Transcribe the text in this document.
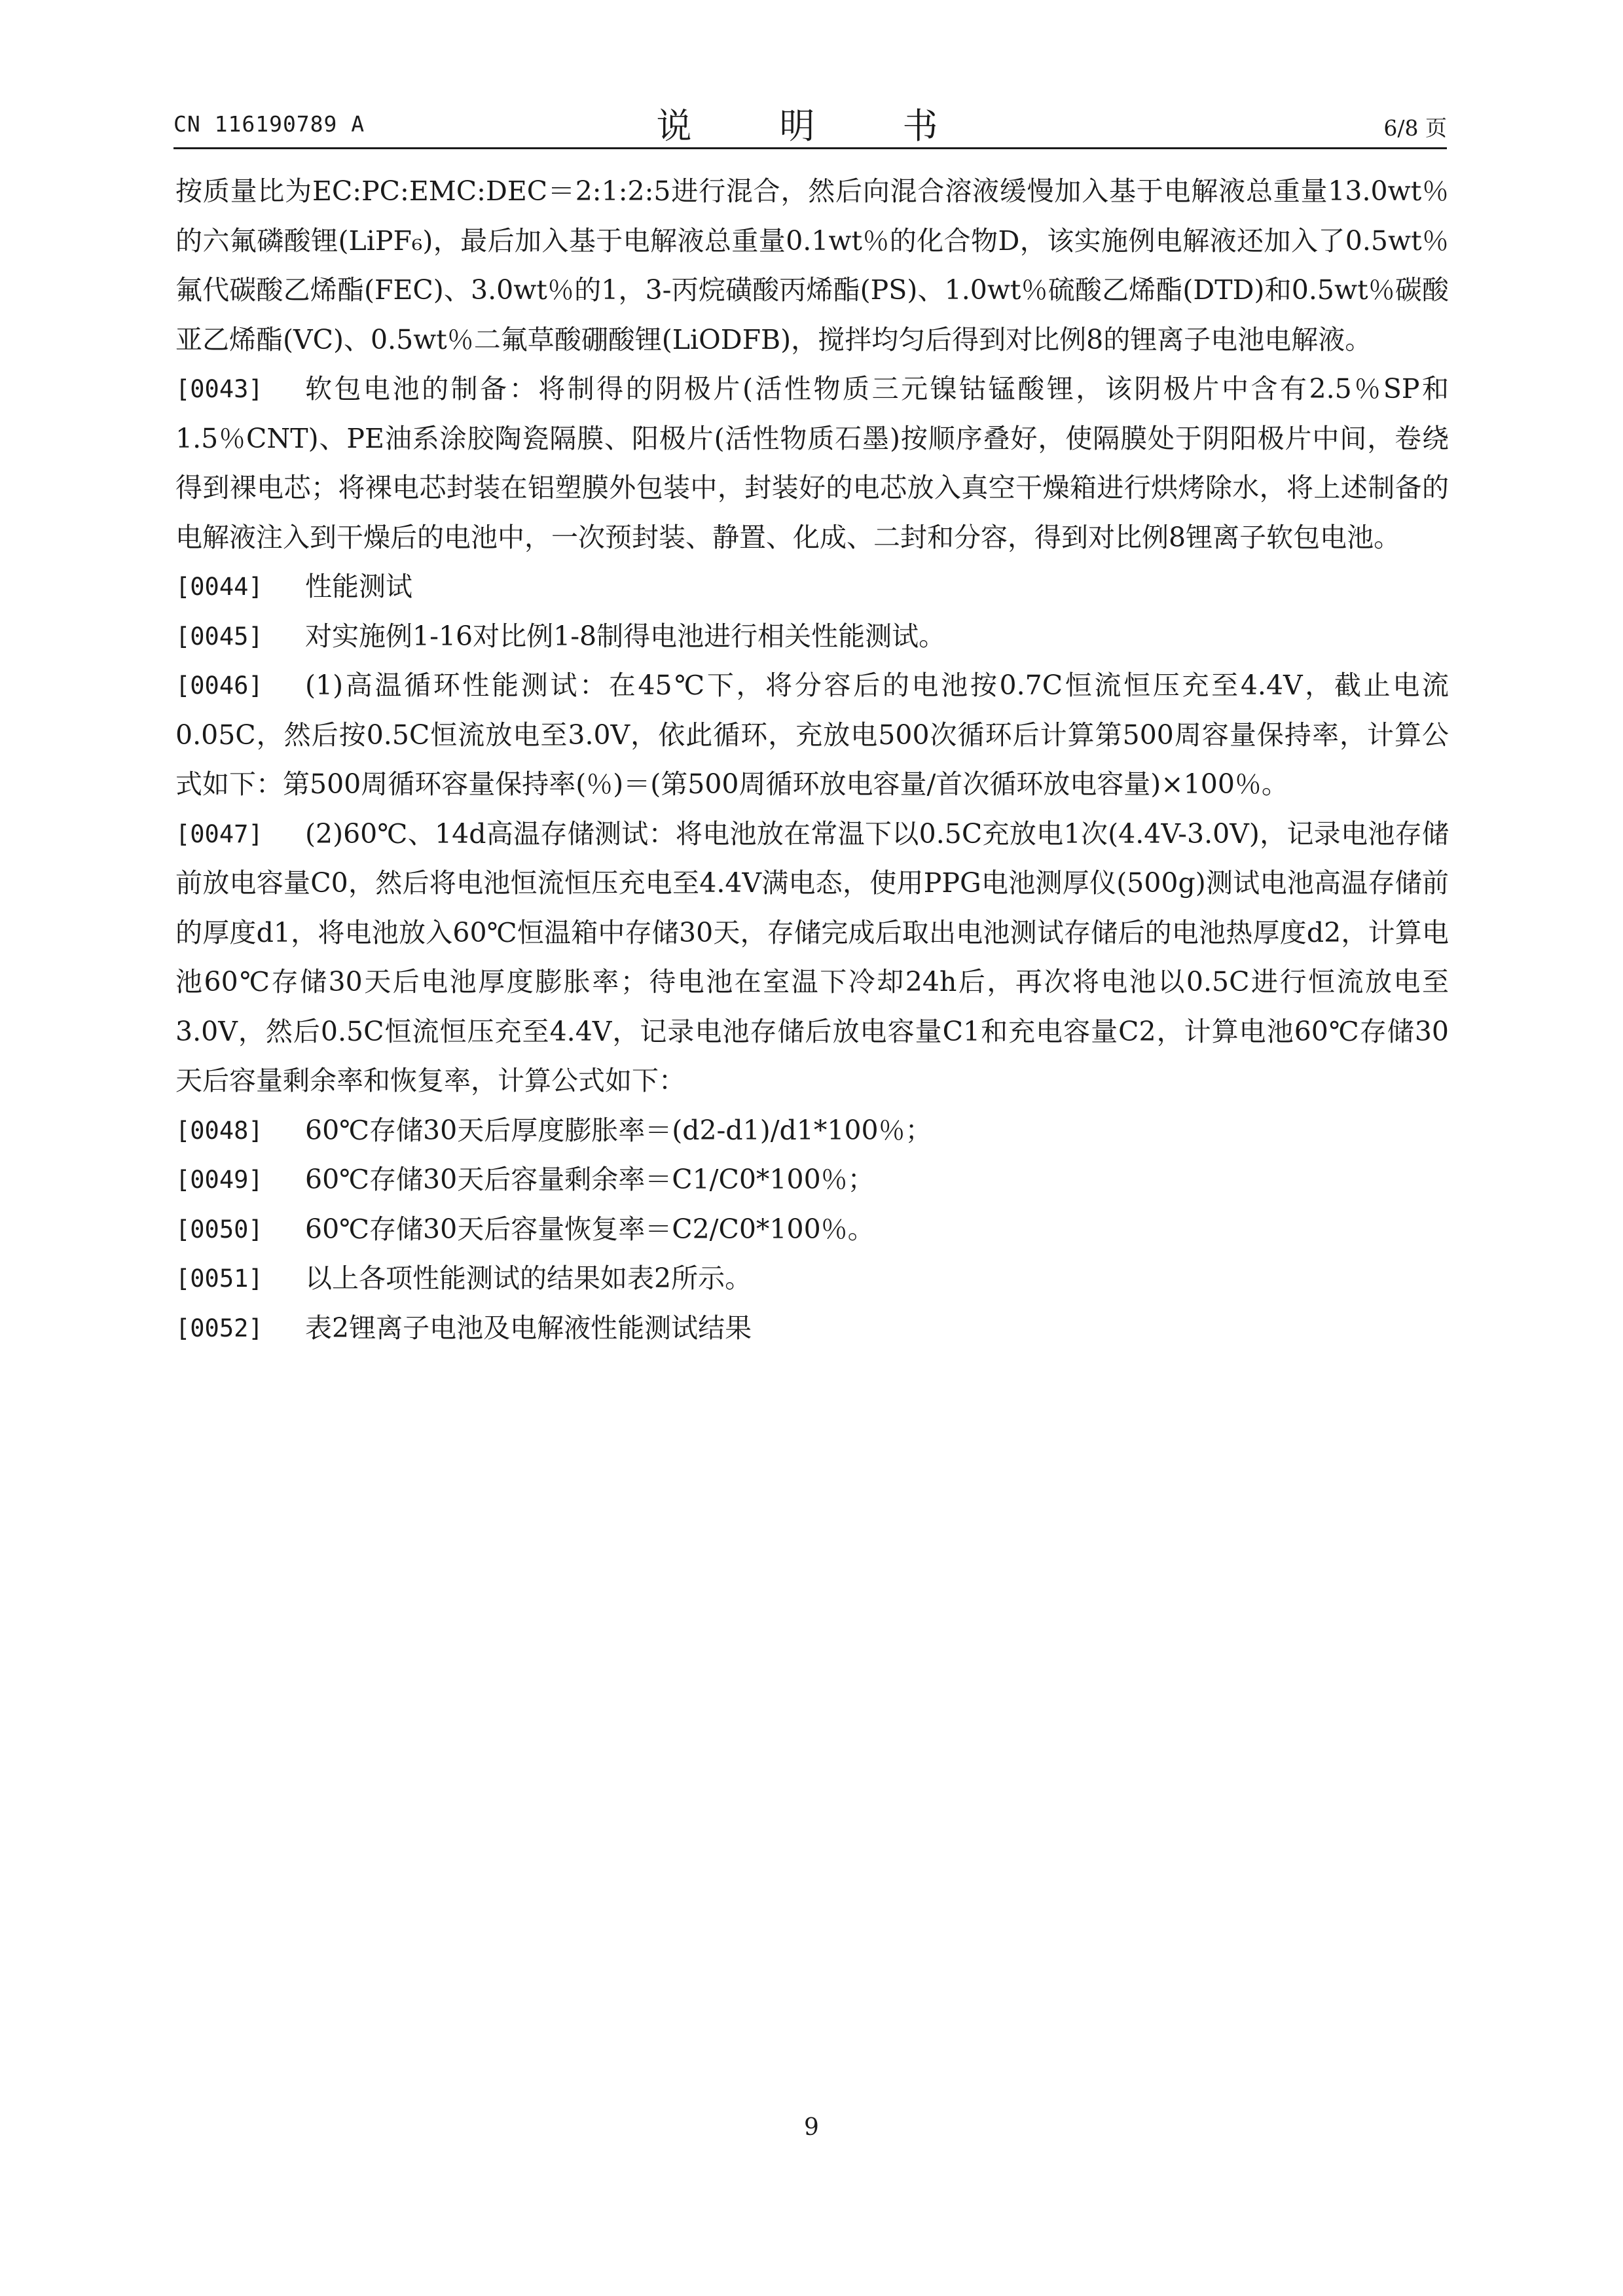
CN 116190789 A	说　明　书	6/8 页
按质量比为EC:PC:EMC:DEC＝2:1:2:5进行混合，然后向混合溶液缓慢加入基于电解液总重量13.0wt％的六氟磷酸锂(LiPF₆)，最后加入基于电解液总重量0.1wt％的化合物D，该实施例电解液还加入了0.5wt％氟代碳酸乙烯酯(FEC)、3.0wt％的1，3-丙烷磺酸丙烯酯(PS)、1.0wt％硫酸乙烯酯(DTD)和0.5wt％碳酸亚乙烯酯(VC)、0.5wt％二氟草酸硼酸锂(LiODFB)，搅拌均匀后得到对比例8的锂离子电池电解液。
[0043]	软包电池的制备：将制得的阴极片(活性物质三元镍钴锰酸锂，该阴极片中含有2.5％SP和1.5％CNT)、PE油系涂胶陶瓷隔膜、阳极片(活性物质石墨)按顺序叠好，使隔膜处于阴阳极片中间，卷绕得到裸电芯；将裸电芯封装在铝塑膜外包装中，封装好的电芯放入真空干燥箱进行烘烤除水，将上述制备的电解液注入到干燥后的电池中，一次预封装、静置、化成、二封和分容，得到对比例8锂离子软包电池。
[0044]	性能测试
[0045]	对实施例1-16对比例1-8制得电池进行相关性能测试。
[0046]	(1)高温循环性能测试：在45℃下，将分容后的电池按0.7C恒流恒压充至4.4V，截止电流0.05C，然后按0.5C恒流放电至3.0V，依此循环，充放电500次循环后计算第500周容量保持率，计算公式如下：第500周循环容量保持率(％)＝(第500周循环放电容量/首次循环放电容量)×100％。
[0047]	(2)60℃、14d高温存储测试：将电池放在常温下以0.5C充放电1次(4.4V-3.0V)，记录电池存储前放电容量C0，然后将电池恒流恒压充电至4.4V满电态，使用PPG电池测厚仪(500g)测试电池高温存储前的厚度d1，将电池放入60℃恒温箱中存储30天，存储完成后取出电池测试存储后的电池热厚度d2，计算电池60℃存储30天后电池厚度膨胀率；待电池在室温下冷却24h后，再次将电池以0.5C进行恒流放电至3.0V，然后0.5C恒流恒压充至4.4V，记录电池存储后放电容量C1和充电容量C2，计算电池60℃存储30天后容量剩余率和恢复率，计算公式如下：
[0048]	60℃存储30天后厚度膨胀率＝(d2-d1)/d1*100％；
[0049]	60℃存储30天后容量剩余率＝C1/C0*100％；
[0050]	60℃存储30天后容量恢复率＝C2/C0*100％。
[0051]	以上各项性能测试的结果如表2所示。
[0052]	表2锂离子电池及电解液性能测试结果
9
